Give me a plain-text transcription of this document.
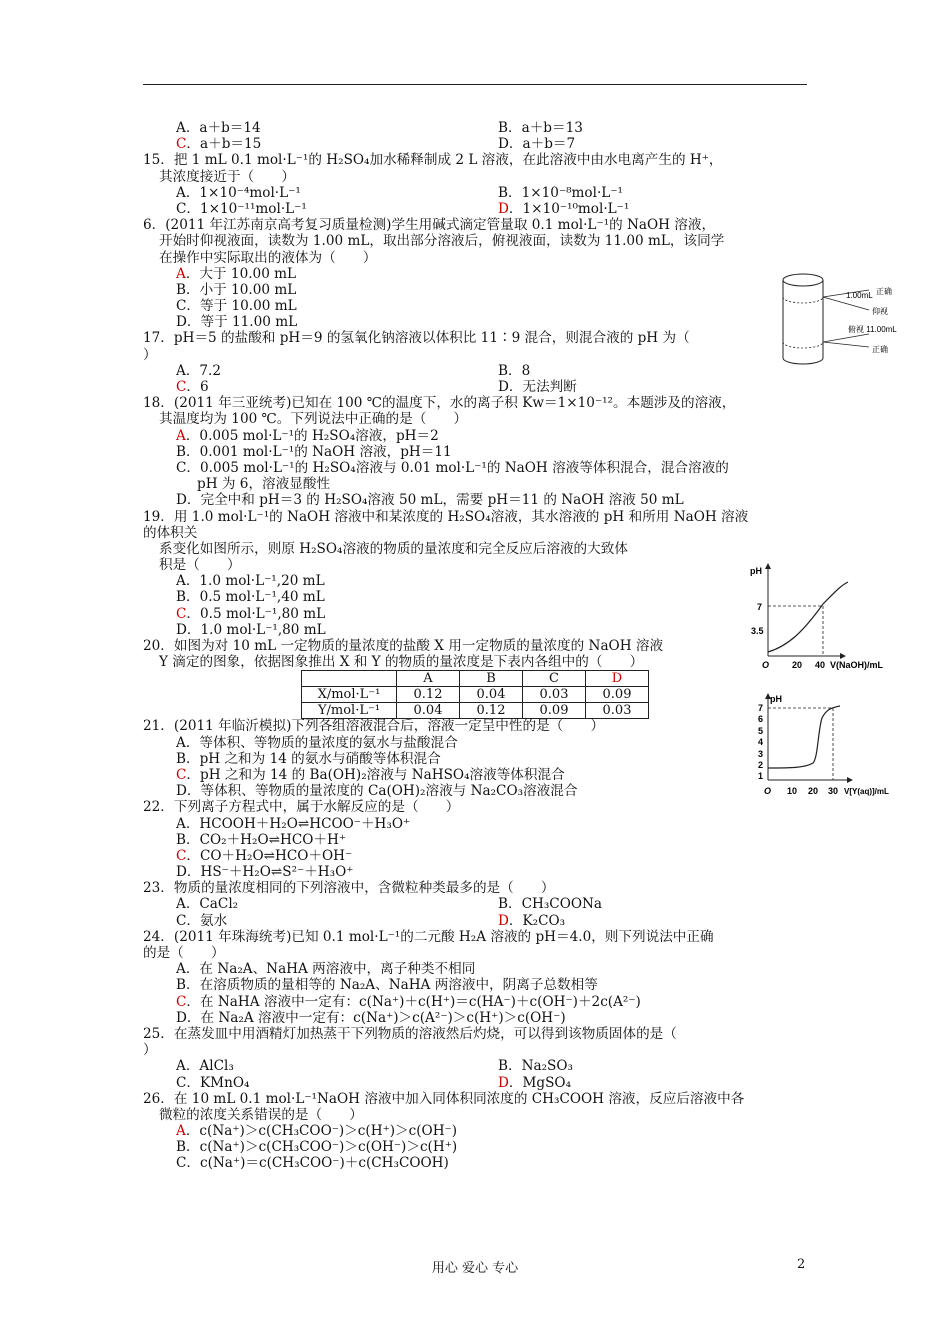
A．a＋b＝14	B．a＋b＝13
C．a＋b＝15	D．a＋b＝7
15．把 1 mL 0.1 mol·L⁻¹的 H₂SO₄加水稀释制成 2 L 溶液，在此溶液中由水电离产生的 H⁺，
其浓度接近于（　　）
A．1×10⁻⁴mol·L⁻¹	B．1×10⁻⁸mol·L⁻¹
C．1×10⁻¹¹mol·L⁻¹	D．1×10⁻¹⁰mol·L⁻¹
6．(2011 年江苏南京高考复习质量检测)学生用碱式滴定管量取 0.1 mol·L⁻¹的 NaOH 溶液，
开始时仰视液面，读数为 1.00 mL，取出部分溶液后，俯视液面，读数为 11.00 mL，该同学
在操作中实际取出的液体为（　　）
A．大于 10.00 mL
B．小于 10.00 mL
C．等于 10.00 mL
D．等于 11.00 mL
17．pH＝5 的盐酸和 pH＝9 的氢氧化钠溶液以体积比 11∶9 混合，则混合液的 pH 为（
）
A．7.2	B．8
C．6	D．无法判断
18．(2011 年三亚统考)已知在 100 ℃的温度下，水的离子积 Kw＝1×10⁻¹²。本题涉及的溶液，
其温度均为 100 ℃。下列说法中正确的是（　　）
A．0.005 mol·L⁻¹的 H₂SO₄溶液，pH＝2
B．0.001 mol·L⁻¹的 NaOH 溶液，pH＝11
C．0.005 mol·L⁻¹的 H₂SO₄溶液与 0.01 mol·L⁻¹的 NaOH 溶液等体积混合，混合溶液的
pH 为 6，溶液显酸性
D．完全中和 pH＝3 的 H₂SO₄溶液 50 mL，需要 pH＝11 的 NaOH 溶液 50 mL
19．用 1.0 mol·L⁻¹的 NaOH 溶液中和某浓度的 H₂SO₄溶液，其水溶液的 pH 和所用 NaOH 溶液
的体积关
系变化如图所示，则原 H₂SO₄溶液的物质的量浓度和完全反应后溶液的大致体
积是（　　）
A．1.0 mol·L⁻¹,20 mL
B．0.5 mol·L⁻¹,40 mL
C．0.5 mol·L⁻¹,80 mL
D．1.0 mol·L⁻¹,80 mL
20．如图为对 10 mL 一定物质的量浓度的盐酸 X 用一定物质的量浓度的 NaOH 溶液
Y 滴定的图象，依据图象推出 X 和 Y 的物质的量浓度是下表内各组中的（　　）
	A	B	C	D
X/mol·L⁻¹	0.12	0.04	0.03	0.09
Y/mol·L⁻¹	0.04	0.12	0.09	0.03
21．(2011 年临沂模拟)下列各组溶液混合后，溶液一定呈中性的是（　　）
A．等体积、等物质的量浓度的氨水与盐酸混合
B．pH 之和为 14 的氨水与硝酸等体积混合
C．pH 之和为 14 的 Ba(OH)₂溶液与 NaHSO₄溶液等体积混合
D．等体积、等物质的量浓度的 Ca(OH)₂溶液与 Na₂CO₃溶液混合
22．下列离子方程式中，属于水解反应的是（　　）
A．HCOOH＋H₂O⇌HCOO⁻＋H₃O⁺
B．CO₂＋H₂O⇌HCO＋H⁺
C．CO＋H₂O⇌HCO＋OH⁻
D．HS⁻＋H₂O⇌S²⁻＋H₃O⁺
23．物质的量浓度相同的下列溶液中，含微粒种类最多的是（　　）
A．CaCl₂	B．CH₃COONa
C．氨水	D．K₂CO₃
24．(2011 年珠海统考)已知 0.1 mol·L⁻¹的二元酸 H₂A 溶液的 pH＝4.0，则下列说法中正确
的是（　　）
A．在 Na₂A、NaHA 两溶液中，离子种类不相同
B．在溶质物质的量相等的 Na₂A、NaHA 两溶液中，阴离子总数相等
C．在 NaHA 溶液中一定有：c(Na⁺)＋c(H⁺)＝c(HA⁻)＋c(OH⁻)＋2c(A²⁻)
D．在 Na₂A 溶液中一定有：c(Na⁺)＞c(A²⁻)＞c(H⁺)＞c(OH⁻)
25．在蒸发皿中用酒精灯加热蒸干下列物质的溶液然后灼烧，可以得到该物质固体的是（
）
A．AlCl₃	B．Na₂SO₃
C．KMnO₄	D．MgSO₄
26．在 10 mL 0.1 mol·L⁻¹NaOH 溶液中加入同体积同浓度的 CH₃COOH 溶液，反应后溶液中各
微粒的浓度关系错误的是（　　）
A．c(Na⁺)＞c(CH₃COO⁻)＞c(H⁺)＞c(OH⁻)
B．c(Na⁺)＞c(CH₃COO⁻)＞c(OH⁻)＞c(H⁺)
C．c(Na⁺)＝c(CH₃COO⁻)＋c(CH₃COOH)
1.00mL 正确
仰视
俯视 11.00mL
正确
pH
7
3.5
O	20 40 V(NaOH)/mL
pH
7
6
5
4
3
2
1
O 10 20 30 V[Y(aq)]/mL
用心 爱心 专心	2
